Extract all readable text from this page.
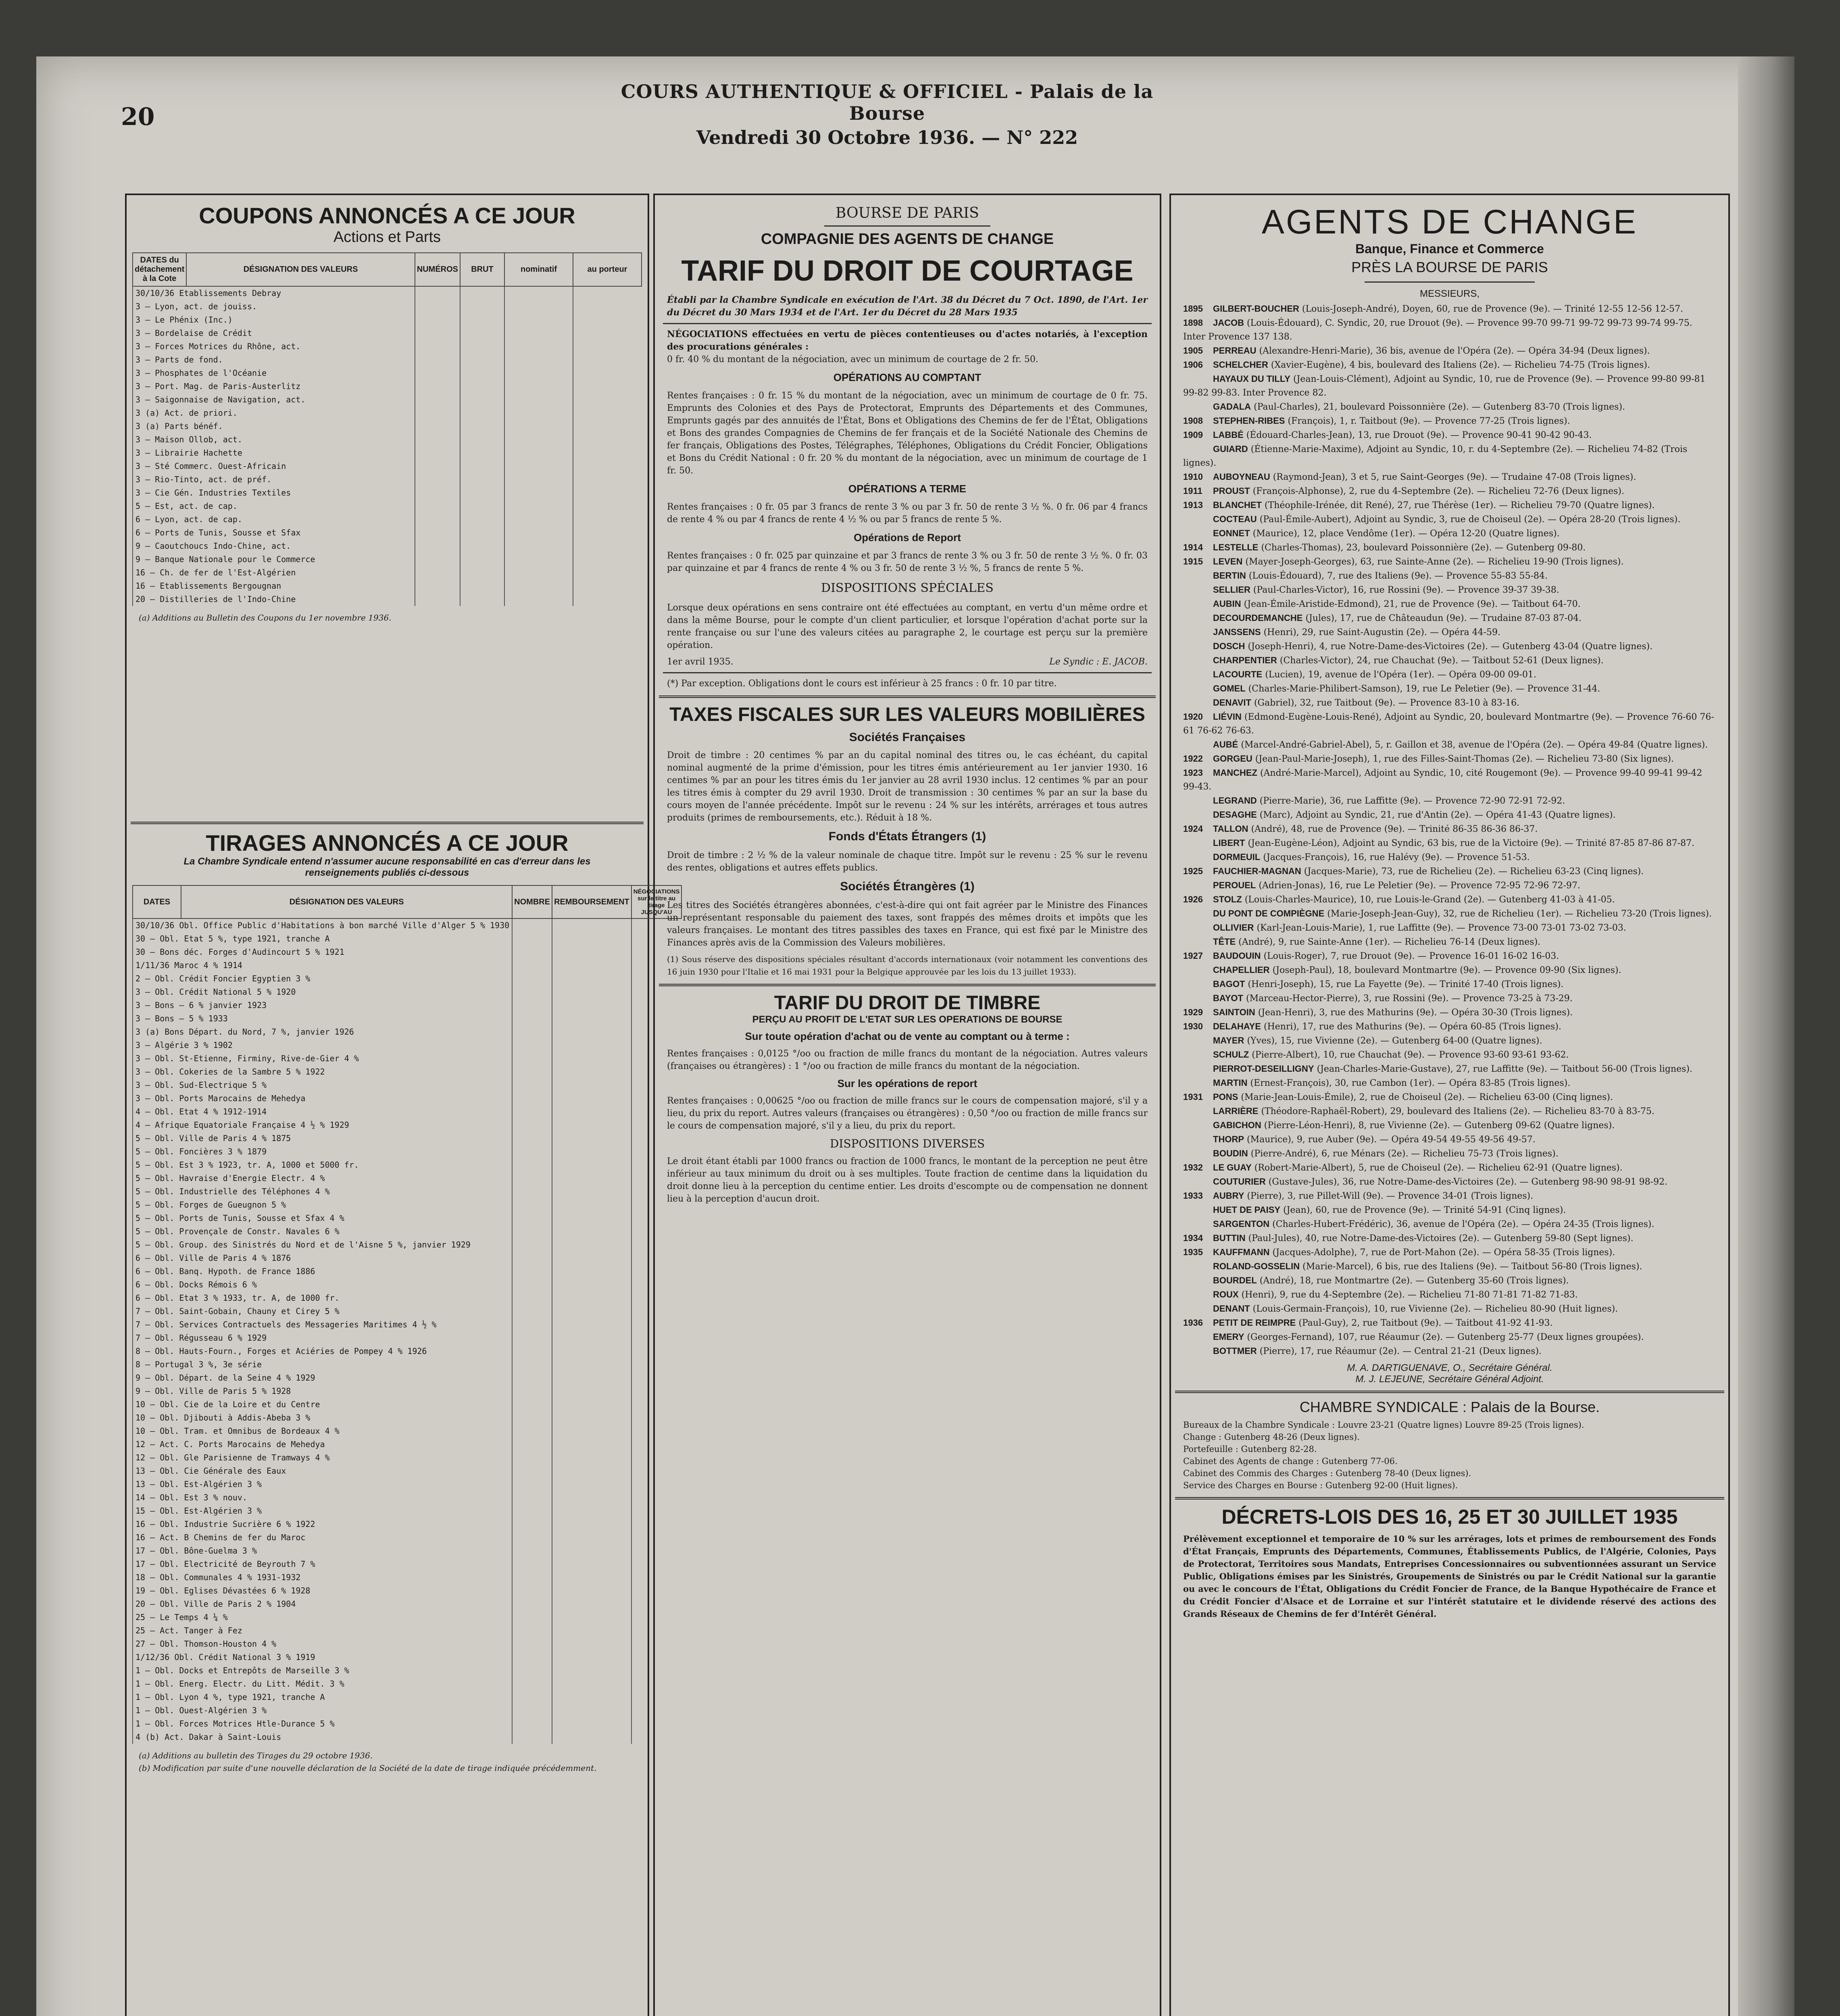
20
COURS AUTHENTIQUE & OFFICIEL - Palais de la Bourse
Vendredi 30 Octobre 1936. — N° 222
COUPONS ANNONCÉS A CE JOUR
Actions et Parts
DATES du détachement à la Cote	DÉSIGNATION DES VALEURS	NUMÉROS	BRUT	nominatif	au porteur
30/10/36 Etablissements Debray					
3 — Lyon, act. de jouiss.					
3 — Le Phénix (Inc.)					
3 — Bordelaise de Crédit					
3 — Forces Motrices du Rhône, act.					
3 — Parts de fond.					
3 — Phosphates de l'Océanie					
3 — Port. Mag. de Paris-Austerlitz					
3 — Saigonnaise de Navigation, act.					
3 (a) Act. de priori.					
3 (a) Parts bénéf.					
3 — Maison Ollob, act.					
3 — Librairie Hachette					
3 — Sté Commerc. Ouest-Africain					
3 — Rio-Tinto, act. de préf.					
3 — Cie Gén. Industries Textiles					
5 — Est, act. de cap.					
6 — Lyon, act. de cap.					
6 — Ports de Tunis, Sousse et Sfax					
9 — Caoutchoucs Indo-Chine, act.					
9 — Banque Nationale pour le Commerce					
16 — Ch. de fer de l'Est-Algérien					
16 — Etablissements Bergougnan					
20 — Distilleries de l'Indo-Chine					
(a) Additions au Bulletin des Coupons du 1er novembre 1936.
TIRAGES ANNONCÉS A CE JOUR
La Chambre Syndicale entend n'assumer aucune responsabilité en cas d'erreur dans les renseignements publiés ci-dessous
DATES	DÉSIGNATION DES VALEURS	NOMBRE	REMBOURSEMENT	NÉGOCIATIONS sur le titre au tirage JUSQU'AU
30/10/36 Obl. Office Public d'Habitations à bon marché Ville d'Alger 5 % 1930				
30 — Obl. Etat 5 %, type 1921, tranche A				
30 — Bons déc. Forges d'Audincourt 5 % 1921				
1/11/36 Maroc 4 % 1914				
2 — Obl. Crédit Foncier Egyptien 3 %				
3 — Obl. Crédit National 5 % 1920				
3 — Bons — 6 % janvier 1923				
3 — Bons — 5 % 1933				
3 (a) Bons Départ. du Nord, 7 %, janvier 1926				
3 — Algérie 3 % 1902				
3 — Obl. St-Etienne, Firminy, Rive-de-Gier 4 %				
3 — Obl. Cokeries de la Sambre 5 % 1922				
3 — Obl. Sud-Electrique 5 %				
3 — Obl. Ports Marocains de Mehedya				
4 — Obl. Etat 4 % 1912-1914				
4 — Afrique Equatoriale Française 4 ½ % 1929				
5 — Obl. Ville de Paris 4 % 1875				
5 — Obl. Foncières 3 % 1879				
5 — Obl. Est 3 % 1923, tr. A, 1000 et 5000 fr.				
5 — Obl. Havraise d'Energie Electr. 4 %				
5 — Obl. Industrielle des Téléphones 4 %				
5 — Obl. Forges de Gueugnon 5 %				
5 — Obl. Ports de Tunis, Sousse et Sfax 4 %				
5 — Obl. Provençale de Constr. Navales 6 %				
5 — Obl. Group. des Sinistrés du Nord et de l'Aisne 5 %, janvier 1929				
6 — Obl. Ville de Paris 4 % 1876				
6 — Obl. Banq. Hypoth. de France 1886				
6 — Obl. Docks Rémois 6 %				
6 — Obl. Etat 3 % 1933, tr. A, de 1000 fr.				
7 — Obl. Saint-Gobain, Chauny et Cirey 5 %				
7 — Obl. Services Contractuels des Messageries Maritimes 4 ½ %				
7 — Obl. Régusseau 6 % 1929				
8 — Obl. Hauts-Fourn., Forges et Aciéries de Pompey 4 % 1926				
8 — Portugal 3 %, 3e série				
9 — Obl. Départ. de la Seine 4 % 1929				
9 — Obl. Ville de Paris 5 % 1928				
10 — Obl. Cie de la Loire et du Centre				
10 — Obl. Djibouti à Addis-Abeba 3 %				
10 — Obl. Tram. et Omnibus de Bordeaux 4 %				
12 — Act. C. Ports Marocains de Mehedya				
12 — Obl. Gle Parisienne de Tramways 4 %				
13 — Obl. Cie Générale des Eaux				
13 — Obl. Est-Algérien 3 %				
14 — Obl. Est 3 % nouv.				
15 — Obl. Est-Algérien 3 %				
16 — Obl. Industrie Sucrière 6 % 1922				
16 — Act. B Chemins de fer du Maroc				
17 — Obl. Bône-Guelma 3 %				
17 — Obl. Electricité de Beyrouth 7 %				
18 — Obl. Communales 4 % 1931-1932				
19 — Obl. Eglises Dévastées 6 % 1928				
20 — Obl. Ville de Paris 2 % 1904				
25 — Le Temps 4 ¼ %				
25 — Act. Tanger à Fez				
27 — Obl. Thomson-Houston 4 %				
1/12/36 Obl. Crédit National 3 % 1919				
1 — Obl. Docks et Entrepôts de Marseille 3 %				
1 — Obl. Energ. Electr. du Litt. Médit. 3 %				
1 — Obl. Lyon 4 %, type 1921, tranche A				
1 — Obl. Ouest-Algérien 3 %				
1 — Obl. Forces Motrices Htle-Durance 5 %				
4 (b) Act. Dakar à Saint-Louis				
(a) Additions au bulletin des Tirages du 29 octobre 1936.
(b) Modification par suite d'une nouvelle déclaration de la Société de la date de tirage indiquée précédemment.
BOURSE DE PARIS
COMPAGNIE DES AGENTS DE CHANGE
TARIF DU DROIT DE COURTAGE
Établi par la Chambre Syndicale en exécution de l'Art. 38 du Décret du 7 Oct. 1890, de l'Art. 1er du Décret du 30 Mars 1934 et de l'Art. 1er du Décret du 28 Mars 1935
NÉGOCIATIONS effectuées en vertu de pièces contentieuses ou d'actes notariés, à l'exception des procurations générales :
0 fr. 40 % du montant de la négociation, avec un minimum de courtage de 2 fr. 50.
OPÉRATIONS AU COMPTANT
Rentes françaises : 0 fr. 15 % du montant de la négociation, avec un minimum de courtage de 0 fr. 75. Emprunts des Colonies et des Pays de Protectorat, Emprunts des Départements et des Communes, Emprunts gagés par des annuités de l'État, Bons et Obligations des Chemins de fer de l'État, Obligations et Bons des grandes Compagnies de Chemins de fer français et de la Société Nationale des Chemins de fer français, Obligations des Postes, Télégraphes, Téléphones, Obligations du Crédit Foncier, Obligations et Bons du Crédit National : 0 fr. 20 % du montant de la négociation, avec un minimum de courtage de 1 fr. 50.
OPÉRATIONS A TERME
Rentes françaises : 0 fr. 05 par 3 francs de rente 3 % ou par 3 fr. 50 de rente 3 ½ %. 0 fr. 06 par 4 francs de rente 4 % ou par 4 francs de rente 4 ½ % ou par 5 francs de rente 5 %.
Opérations de Report
Rentes françaises : 0 fr. 025 par quinzaine et par 3 francs de rente 3 % ou 3 fr. 50 de rente 3 ½ %. 0 fr. 03 par quinzaine et par 4 francs de rente 4 % ou 3 fr. 50 de rente 3 ½ %, 5 francs de rente 5 %.
DISPOSITIONS SPÉCIALES
Lorsque deux opérations en sens contraire ont été effectuées au comptant, en vertu d'un même ordre et dans la même Bourse, pour le compte d'un client particulier, et lorsque l'opération d'achat porte sur la rente française ou sur l'une des valeurs citées au paragraphe 2, le courtage est perçu sur la première opération.
1er avril 1935.	Le Syndic : E. JACOB.
(*) Par exception. Obligations dont le cours est inférieur à 25 francs : 0 fr. 10 par titre.
TAXES FISCALES SUR LES VALEURS MOBILIÈRES
Sociétés Françaises
Droit de timbre : 20 centimes % par an du capital nominal des titres ou, le cas échéant, du capital nominal augmenté de la prime d'émission, pour les titres émis antérieurement au 1er janvier 1930. 16 centimes % par an pour les titres émis du 1er janvier au 28 avril 1930 inclus. 12 centimes % par an pour les titres émis à compter du 29 avril 1930. Droit de transmission : 30 centimes % par an sur la base du cours moyen de l'année précédente. Impôt sur le revenu : 24 % sur les intérêts, arrérages et tous autres produits (primes de remboursements, etc.). Réduit à 18 %.
Fonds d'États Étrangers (1)
Droit de timbre : 2 ½ % de la valeur nominale de chaque titre. Impôt sur le revenu : 25 % sur le revenu des rentes, obligations et autres effets publics.
Sociétés Étrangères (1)
Les titres des Sociétés étrangères abonnées, c'est-à-dire qui ont fait agréer par le Ministre des Finances un représentant responsable du paiement des taxes, sont frappés des mêmes droits et impôts que les valeurs françaises. Le montant des titres passibles des taxes en France, qui est fixé par le Ministre des Finances après avis de la Commission des Valeurs mobilières.
(1) Sous réserve des dispositions spéciales résultant d'accords internationaux (voir notamment les conventions des 16 juin 1930 pour l'Italie et 16 mai 1931 pour la Belgique approuvée par les lois du 13 juillet 1933).
TARIF DU DROIT DE TIMBRE
PERÇU AU PROFIT DE L'ETAT SUR LES OPERATIONS DE BOURSE
Sur toute opération d'achat ou de vente au comptant ou à terme :
Rentes françaises : 0,0125 °/oo ou fraction de mille francs du montant de la négociation. Autres valeurs (françaises ou étrangères) : 1 °/oo ou fraction de mille francs du montant de la négociation.
Sur les opérations de report
Rentes françaises : 0,00625 °/oo ou fraction de mille francs sur le cours de compensation majoré, s'il y a lieu, du prix du report. Autres valeurs (françaises ou étrangères) : 0,50 °/oo ou fraction de mille francs sur le cours de compensation majoré, s'il y a lieu, du prix du report.
DISPOSITIONS DIVERSES
Le droit étant établi par 1000 francs ou fraction de 1000 francs, le montant de la perception ne peut être inférieur au taux minimum du droit ou à ses multiples. Toute fraction de centime dans la liquidation du droit donne lieu à la perception du centime entier. Les droits d'escompte ou de compensation ne donnent lieu à la perception d'aucun droit.
AGENTS DE CHANGE
Banque, Finance et Commerce
PRÈS LA BOURSE DE PARIS
MESSIEURS,
1895 GILBERT-BOUCHER (Louis-Joseph-André), Doyen, 60, rue de Provence (9e). — Trinité 12-55 12-56 12-57.
1898 JACOB (Louis-Édouard), C. Syndic, 20, rue Drouot (9e). — Provence 99-70 99-71 99-72 99-73 99-74 99-75. Inter Provence 137 138.
1905 PERREAU (Alexandre-Henri-Marie), 36 bis, avenue de l'Opéra (2e). — Opéra 34-94 (Deux lignes).
1906 SCHELCHER (Xavier-Eugène), 4 bis, boulevard des Italiens (2e). — Richelieu 74-75 (Trois lignes).
HAYAUX DU TILLY (Jean-Louis-Clément), Adjoint au Syndic, 10, rue de Provence (9e). — Provence 99-80 99-81 99-82 99-83. Inter Provence 82.
GADALA (Paul-Charles), 21, boulevard Poissonnière (2e). — Gutenberg 83-70 (Trois lignes).
1908 STEPHEN-RIBES (François), 1, r. Taitbout (9e). — Provence 77-25 (Trois lignes).
1909 LABBÉ (Édouard-Charles-Jean), 13, rue Drouot (9e). — Provence 90-41 90-42 90-43.
GUIARD (Étienne-Marie-Maxime), Adjoint au Syndic, 10, r. du 4-Septembre (2e). — Richelieu 74-82 (Trois lignes).
1910 AUBOYNEAU (Raymond-Jean), 3 et 5, rue Saint-Georges (9e). — Trudaine 47-08 (Trois lignes).
1911 PROUST (François-Alphonse), 2, rue du 4-Septembre (2e). — Richelieu 72-76 (Deux lignes).
1913 BLANCHET (Théophile-Irénée, dit René), 27, rue Thérèse (1er). — Richelieu 79-70 (Quatre lignes).
COCTEAU (Paul-Émile-Aubert), Adjoint au Syndic, 3, rue de Choiseul (2e). — Opéra 28-20 (Trois lignes).
EONNET (Maurice), 12, place Vendôme (1er). — Opéra 12-20 (Quatre lignes).
1914 LESTELLE (Charles-Thomas), 23, boulevard Poissonnière (2e). — Gutenberg 09-80.
1915 LEVEN (Mayer-Joseph-Georges), 63, rue Sainte-Anne (2e). — Richelieu 19-90 (Trois lignes).
BERTIN (Louis-Édouard), 7, rue des Italiens (9e). — Provence 55-83 55-84.
SELLIER (Paul-Charles-Victor), 16, rue Rossini (9e). — Provence 39-37 39-38.
AUBIN (Jean-Émile-Aristide-Edmond), 21, rue de Provence (9e). — Taitbout 64-70.
DECOURDEMANCHE (Jules), 17, rue de Châteaudun (9e). — Trudaine 87-03 87-04.
JANSSENS (Henri), 29, rue Saint-Augustin (2e). — Opéra 44-59.
DOSCH (Joseph-Henri), 4, rue Notre-Dame-des-Victoires (2e). — Gutenberg 43-04 (Quatre lignes).
CHARPENTIER (Charles-Victor), 24, rue Chauchat (9e). — Taitbout 52-61 (Deux lignes).
LACOURTE (Lucien), 19, avenue de l'Opéra (1er). — Opéra 09-00 09-01.
GOMEL (Charles-Marie-Philibert-Samson), 19, rue Le Peletier (9e). — Provence 31-44.
DENAVIT (Gabriel), 32, rue Taitbout (9e). — Provence 83-10 à 83-16.
1920 LIÉVIN (Edmond-Eugène-Louis-René), Adjoint au Syndic, 20, boulevard Montmartre (9e). — Provence 76-60 76-61 76-62 76-63.
AUBÉ (Marcel-André-Gabriel-Abel), 5, r. Gaillon et 38, avenue de l'Opéra (2e). — Opéra 49-84 (Quatre lignes).
1922 GORGEU (Jean-Paul-Marie-Joseph), 1, rue des Filles-Saint-Thomas (2e). — Richelieu 73-80 (Six lignes).
1923 MANCHEZ (André-Marie-Marcel), Adjoint au Syndic, 10, cité Rougemont (9e). — Provence 99-40 99-41 99-42 99-43.
LEGRAND (Pierre-Marie), 36, rue Laffitte (9e). — Provence 72-90 72-91 72-92.
DESAGHE (Marc), Adjoint au Syndic, 21, rue d'Antin (2e). — Opéra 41-43 (Quatre lignes).
1924 TALLON (André), 48, rue de Provence (9e). — Trinité 86-35 86-36 86-37.
LIBERT (Jean-Eugène-Léon), Adjoint au Syndic, 63 bis, rue de la Victoire (9e). — Trinité 87-85 87-86 87-87.
DORMEUIL (Jacques-François), 16, rue Halévy (9e). — Provence 51-53.
1925 FAUCHIER-MAGNAN (Jacques-Marie), 73, rue de Richelieu (2e). — Richelieu 63-23 (Cinq lignes).
PEROUEL (Adrien-Jonas), 16, rue Le Peletier (9e). — Provence 72-95 72-96 72-97.
1926 STOLZ (Louis-Charles-Maurice), 10, rue Louis-le-Grand (2e). — Gutenberg 41-03 à 41-05.
DU PONT DE COMPIÈGNE (Marie-Joseph-Jean-Guy), 32, rue de Richelieu (1er). — Richelieu 73-20 (Trois lignes).
OLLIVIER (Karl-Jean-Louis-Marie), 1, rue Laffitte (9e). — Provence 73-00 73-01 73-02 73-03.
TÊTE (André), 9, rue Sainte-Anne (1er). — Richelieu 76-14 (Deux lignes).
1927 BAUDOUIN (Louis-Roger), 7, rue Drouot (9e). — Provence 16-01 16-02 16-03.
CHAPELLIER (Joseph-Paul), 18, boulevard Montmartre (9e). — Provence 09-90 (Six lignes).
BAGOT (Henri-Joseph), 15, rue La Fayette (9e). — Trinité 17-40 (Trois lignes).
BAYOT (Marceau-Hector-Pierre), 3, rue Rossini (9e). — Provence 73-25 à 73-29.
1929 SAINTOIN (Jean-Henri), 3, rue des Mathurins (9e). — Opéra 30-30 (Trois lignes).
1930 DELAHAYE (Henri), 17, rue des Mathurins (9e). — Opéra 60-85 (Trois lignes).
MAYER (Yves), 15, rue Vivienne (2e). — Gutenberg 64-00 (Quatre lignes).
SCHULZ (Pierre-Albert), 10, rue Chauchat (9e). — Provence 93-60 93-61 93-62.
PIERROT-DESEILLIGNY (Jean-Charles-Marie-Gustave), 27, rue Laffitte (9e). — Taitbout 56-00 (Trois lignes).
MARTIN (Ernest-François), 30, rue Cambon (1er). — Opéra 83-85 (Trois lignes).
1931 PONS (Marie-Jean-Louis-Émile), 2, rue de Choiseul (2e). — Richelieu 63-00 (Cinq lignes).
LARRIÈRE (Théodore-Raphaël-Robert), 29, boulevard des Italiens (2e). — Richelieu 83-70 à 83-75.
GABICHON (Pierre-Léon-Henri), 8, rue Vivienne (2e). — Gutenberg 09-62 (Quatre lignes).
THORP (Maurice), 9, rue Auber (9e). — Opéra 49-54 49-55 49-56 49-57.
BOUDIN (Pierre-André), 6, rue Ménars (2e). — Richelieu 75-73 (Trois lignes).
1932 LE GUAY (Robert-Marie-Albert), 5, rue de Choiseul (2e). — Richelieu 62-91 (Quatre lignes).
COUTURIER (Gustave-Jules), 36, rue Notre-Dame-des-Victoires (2e). — Gutenberg 98-90 98-91 98-92.
1933 AUBRY (Pierre), 3, rue Pillet-Will (9e). — Provence 34-01 (Trois lignes).
HUET DE PAISY (Jean), 60, rue de Provence (9e). — Trinité 54-91 (Cinq lignes).
SARGENTON (Charles-Hubert-Frédéric), 36, avenue de l'Opéra (2e). — Opéra 24-35 (Trois lignes).
1934 BUTTIN (Paul-Jules), 40, rue Notre-Dame-des-Victoires (2e). — Gutenberg 59-80 (Sept lignes).
1935 KAUFFMANN (Jacques-Adolphe), 7, rue de Port-Mahon (2e). — Opéra 58-35 (Trois lignes).
ROLAND-GOSSELIN (Marie-Marcel), 6 bis, rue des Italiens (9e). — Taitbout 56-80 (Trois lignes).
BOURDEL (André), 18, rue Montmartre (2e). — Gutenberg 35-60 (Trois lignes).
ROUX (Henri), 9, rue du 4-Septembre (2e). — Richelieu 71-80 71-81 71-82 71-83.
DENANT (Louis-Germain-François), 10, rue Vivienne (2e). — Richelieu 80-90 (Huit lignes).
1936 PETIT DE REIMPRE (Paul-Guy), 2, rue Taitbout (9e). — Taitbout 41-92 41-93.
EMERY (Georges-Fernand), 107, rue Réaumur (2e). — Gutenberg 25-77 (Deux lignes groupées).
BOTTMER (Pierre), 17, rue Réaumur (2e). — Central 21-21 (Deux lignes).
M. A. DARTIGUENAVE, O., Secrétaire Général.
M. J. LEJEUNE, Secrétaire Général Adjoint.
CHAMBRE SYNDICALE : Palais de la Bourse.
Bureaux de la Chambre Syndicale : Louvre 23-21 (Quatre lignes) Louvre 89-25 (Trois lignes).
Change : Gutenberg 48-26 (Deux lignes).
Portefeuille : Gutenberg 82-28.
Cabinet des Agents de change : Gutenberg 77-06.
Cabinet des Commis des Charges : Gutenberg 78-40 (Deux lignes).
Service des Charges en Bourse : Gutenberg 92-00 (Huit lignes).
DÉCRETS-LOIS DES 16, 25 ET 30 JUILLET 1935
Prélèvement exceptionnel et temporaire de 10 % sur les arrérages, lots et primes de remboursement des Fonds d'État Français, Emprunts des Départements, Communes, Établissements Publics, de l'Algérie, Colonies, Pays de Protectorat, Territoires sous Mandats, Entreprises Concessionnaires ou subventionnées assurant un Service Public, Obligations émises par les Sinistrés, Groupements de Sinistrés ou par le Crédit National sur la garantie ou avec le concours de l'État, Obligations du Crédit Foncier de France, de la Banque Hypothécaire de France et du Crédit Foncier d'Alsace et de Lorraine et sur l'intérêt statutaire et le dividende réservé des actions des Grands Réseaux de Chemins de fer d'Intérêt Général.
